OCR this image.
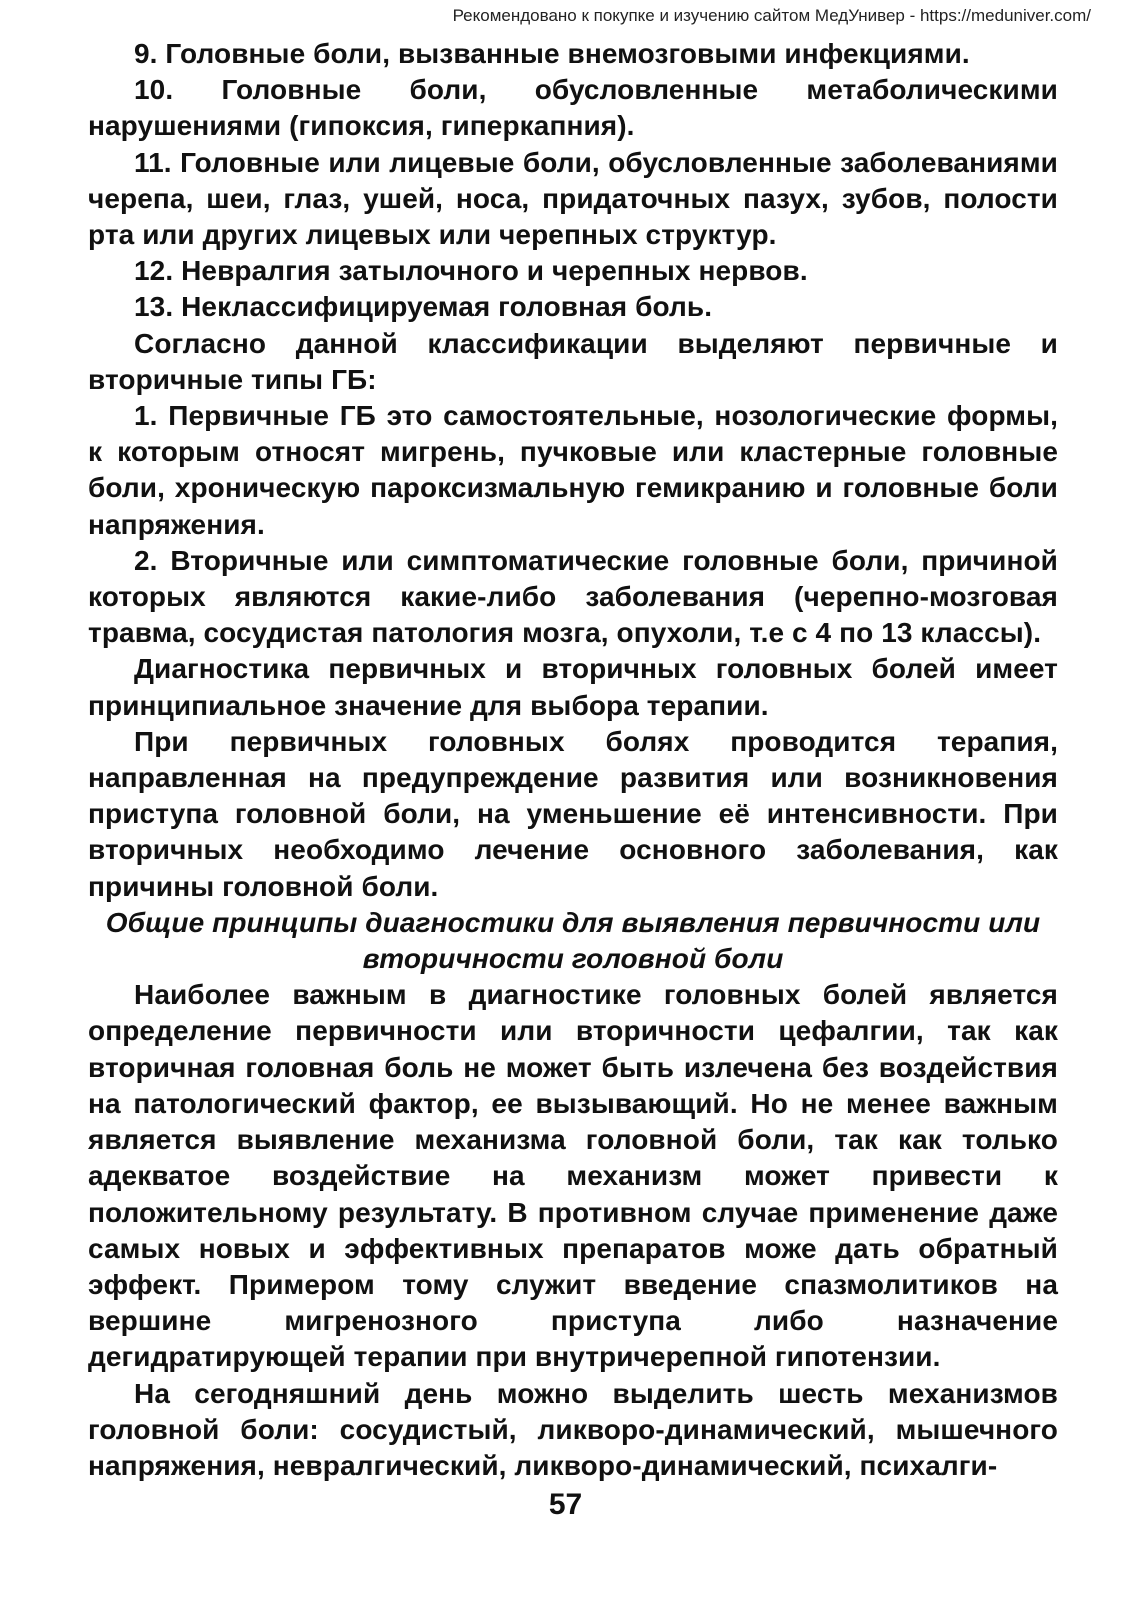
Рекомендовано к покупке и изучению сайтом МедУнивер - https://meduniver.com/

9. Головные боли, вызванные внемозговыми инфекциями.

10. Головные боли, обусловленные метаболическими нарушениями (гипоксия, гиперкапния).

11. Головные или лицевые боли, обусловленные заболеваниями черепа, шеи, глаз, ушей, носа, придаточных пазух, зубов, полости рта или других лицевых или черепных структур.

12. Невралгия затылочного и черепных нервов.

13. Неклассифицируемая головная боль.

Согласно данной классификации выделяют первичные и вторичные типы ГБ:

1. Первичные ГБ это самостоятельные, нозологические формы, к которым относят мигрень, пучковые или кластерные головные боли, хроническую пароксизмальную гемикранию и головные боли напряжения.

2. Вторичные или симптоматические головные боли, причиной которых являются какие-либо заболевания (черепно-мозговая травма, сосудистая патология мозга, опухоли, т.е с 4 по 13 классы).

Диагностика первичных и вторичных головных болей имеет принципиальное значение для выбора терапии.

При первичных головных болях проводится терапия, направленная на предупреждение развития или возникновения приступа головной боли, на уменьшение её интенсивности. При вторичных необходимо лечение основного заболевания, как причины головной боли.

Общие принципы диагностики для выявления первичности или вторичности головной боли

Наиболее важным в диагностике головных болей является определение первичности или вторичности цефалгии, так как вторичная головная боль не может быть излечена без воздействия на патологический фактор, ее вызывающий. Но не менее важным является выявление механизма головной боли, так как только адекватое воздействие на механизм может привести к положительному результату. В противном случае применение даже самых новых и эффективных препаратов може дать обратный эффект. Примером тому служит введение спазмолитиков на вершине мигренозного приступа либо назначение дегидратирующей терапии при внутричерепной гипотензии.

На сегодняшний день можно выделить шесть механизмов головной боли: сосудистый, ликворо-динамический, мышечного напряжения, невралгический, ликворо-динамический, психалги-

57
